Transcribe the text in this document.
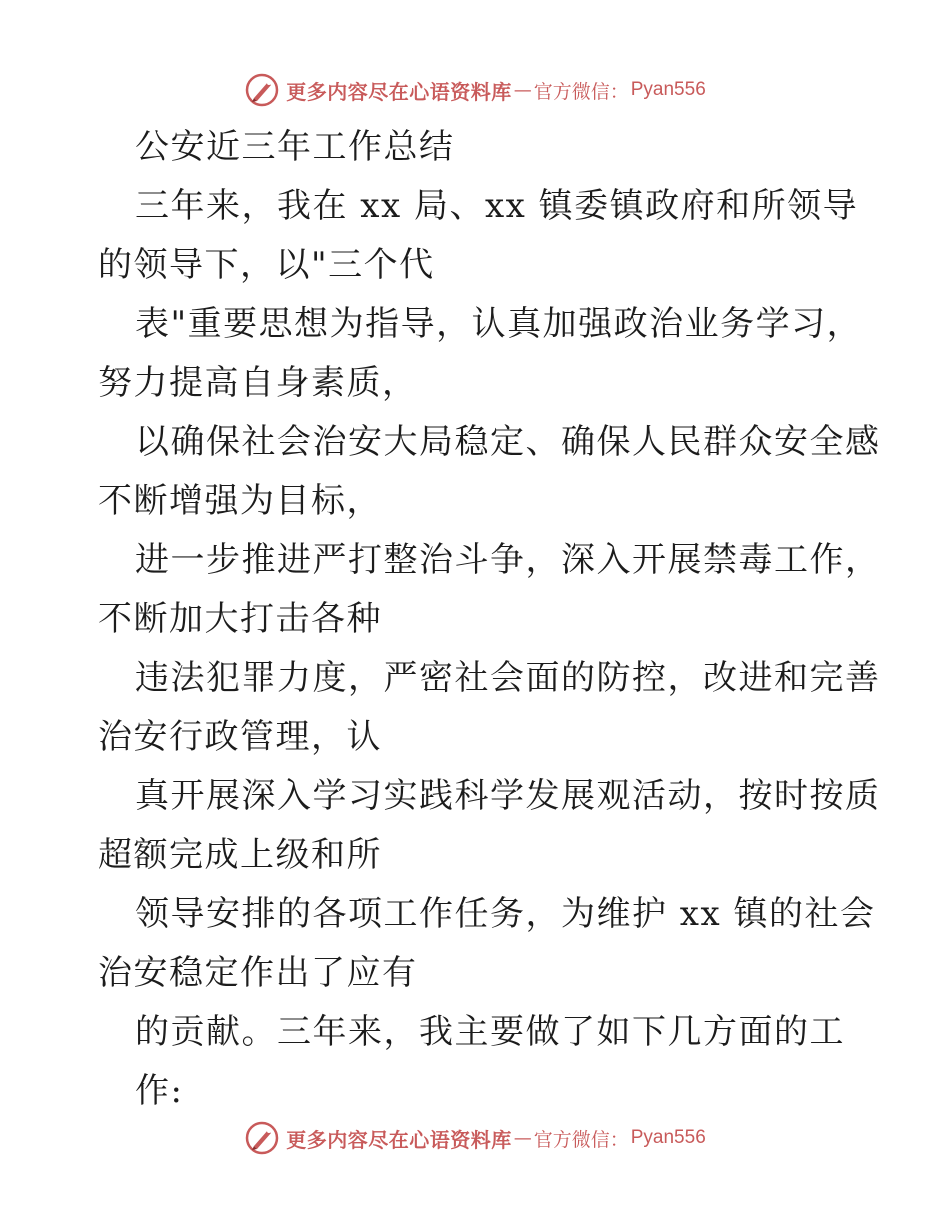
更多内容尽在心语资料库 — 官方微信： Pyan556
公安近三年工作总结
三年来，我在 xx 局、xx 镇委镇政府和所领导
的领导下，以"三个代
表"重要思想为指导，认真加强政治业务学习，
努力提高自身素质，
以确保社会治安大局稳定、确保人民群众安全感
不断增强为目标，
进一步推进严打整治斗争，深入开展禁毒工作，
不断加大打击各种
违法犯罪力度，严密社会面的防控，改进和完善
治安行政管理，认
真开展深入学习实践科学发展观活动，按时按质
超额完成上级和所
领导安排的各项工作任务，为维护 xx 镇的社会
治安稳定作出了应有
的贡献。三年来，我主要做了如下几方面的工
作:
更多内容尽在心语资料库 — 官方微信： Pyan556
